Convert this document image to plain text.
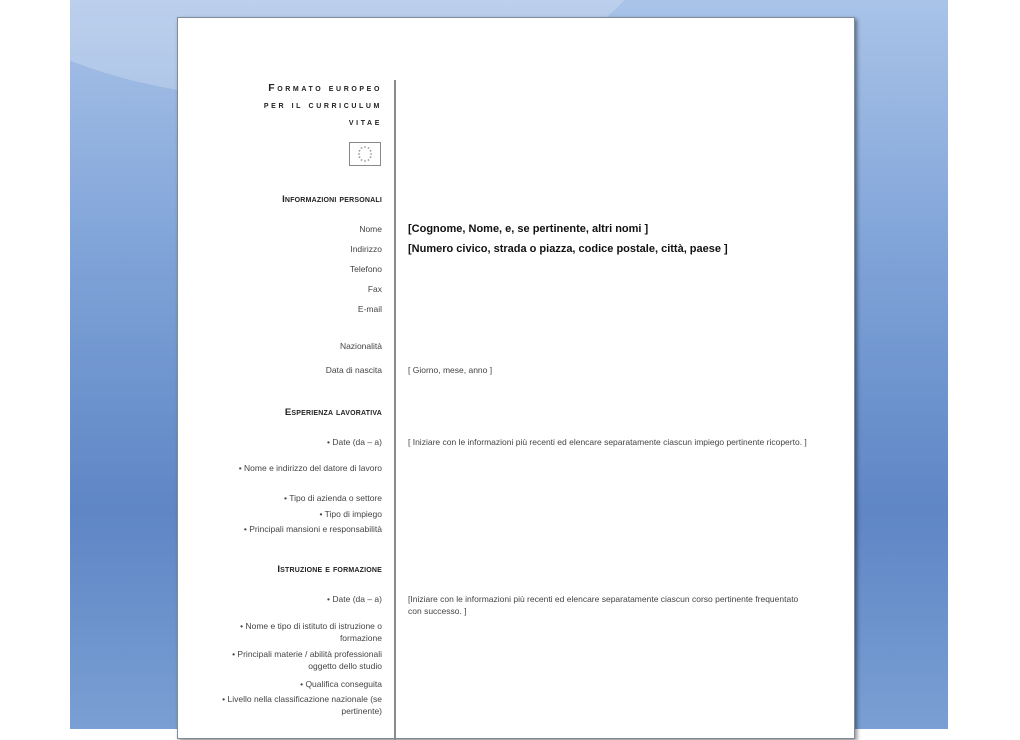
Formato europeo
per il curriculum
vitae
Informazioni personali
Nome
Indirizzo
Telefono
Fax
E-mail
Nazionalità
Data di nascita
[Cognome, Nome, e, se pertinente, altri nomi ]
[Numero civico, strada o piazza, codice postale, città, paese ]
[ Giorno, mese, anno ]
Esperienza lavorativa
• Date (da – a)
• Nome e indirizzo del datore di lavoro
• Tipo di azienda o settore
• Tipo di impiego
• Principali mansioni e responsabilità
[ Iniziare con le informazioni più recenti ed elencare separatamente ciascun impiego pertinente ricoperto. ]
Istruzione e formazione
• Date (da – a)
• Nome e tipo di istituto di istruzione o formazione
• Principali materie / abilità professionali oggetto dello studio
• Qualifica conseguita
• Livello nella classificazione nazionale (se pertinente)
[Iniziare con le informazioni più recenti ed elencare separatamente ciascun corso pertinente frequentato con successo. ]
